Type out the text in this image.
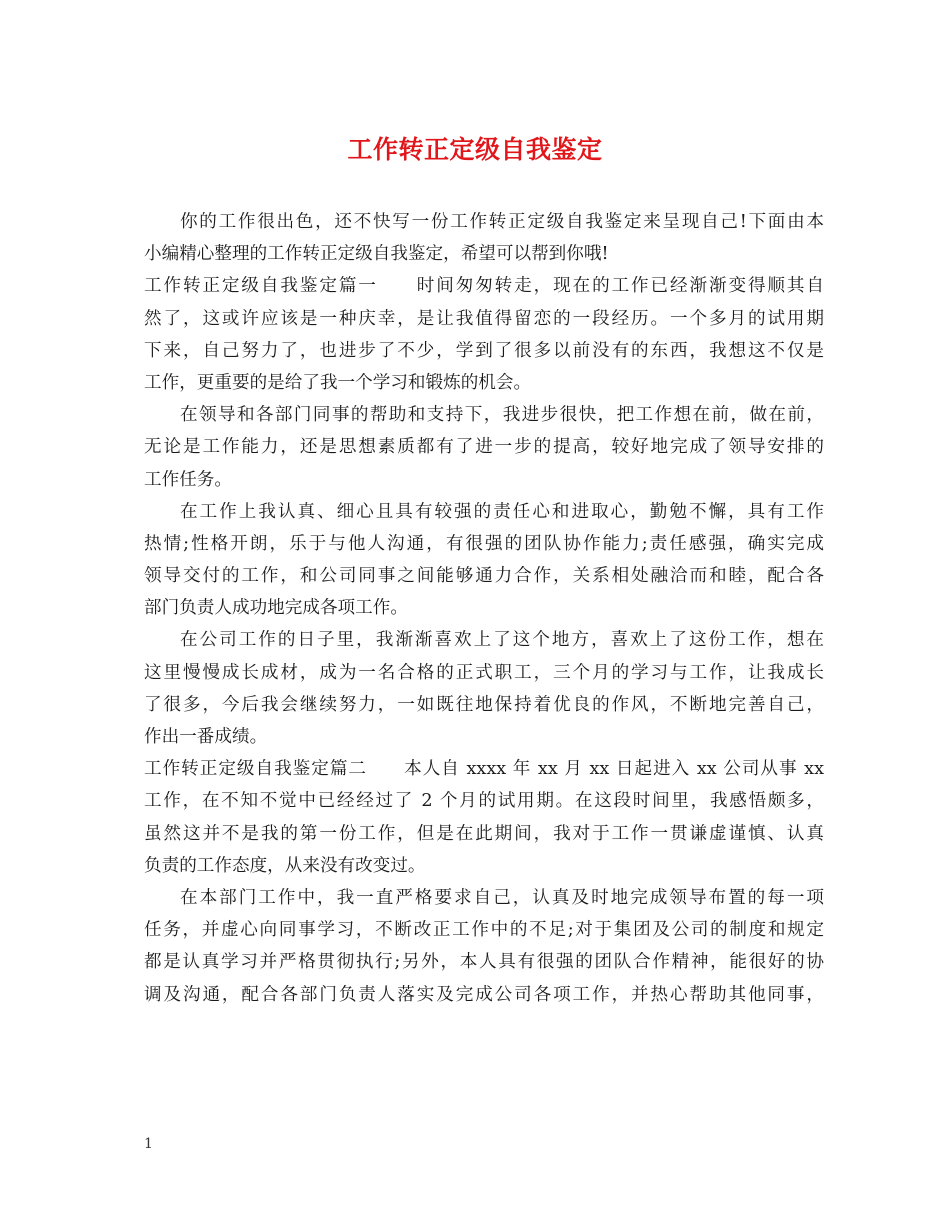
工作转正定级自我鉴定
你的工作很出色，还不快写一份工作转正定级自我鉴定来呈现自己!下面由本
小编精心整理的工作转正定级自我鉴定，希望可以帮到你哦!
工作转正定级自我鉴定篇一　　时间匆匆转走，现在的工作已经渐渐变得顺其自
然了，这或许应该是一种庆幸，是让我值得留恋的一段经历。一个多月的试用期
下来，自己努力了，也进步了不少，学到了很多以前没有的东西，我想这不仅是
工作，更重要的是给了我一个学习和锻炼的机会。
在领导和各部门同事的帮助和支持下，我进步很快，把工作想在前，做在前，
无论是工作能力，还是思想素质都有了进一步的提高，较好地完成了领导安排的
工作任务。
在工作上我认真、细心且具有较强的责任心和进取心，勤勉不懈，具有工作
热情;性格开朗，乐于与他人沟通，有很强的团队协作能力;责任感强，确实完成
领导交付的工作，和公司同事之间能够通力合作，关系相处融洽而和睦，配合各
部门负责人成功地完成各项工作。
在公司工作的日子里，我渐渐喜欢上了这个地方，喜欢上了这份工作，想在
这里慢慢成长成材，成为一名合格的正式职工，三个月的学习与工作，让我成长
了很多，今后我会继续努力，一如既往地保持着优良的作风，不断地完善自己，
作出一番成绩。
工作转正定级自我鉴定篇二　　本人自 xxxx 年 xx 月 xx 日起进入 xx 公司从事 xx
工作，在不知不觉中已经经过了 2 个月的试用期。在这段时间里，我感悟颇多，
虽然这并不是我的第一份工作，但是在此期间，我对于工作一贯谦虚谨慎、认真
负责的工作态度，从来没有改变过。
在本部门工作中，我一直严格要求自己，认真及时地完成领导布置的每一项
任务，并虚心向同事学习，不断改正工作中的不足;对于集团及公司的制度和规定
都是认真学习并严格贯彻执行;另外，本人具有很强的团队合作精神，能很好的协
调及沟通，配合各部门负责人落实及完成公司各项工作，并热心帮助其他同事，
1
